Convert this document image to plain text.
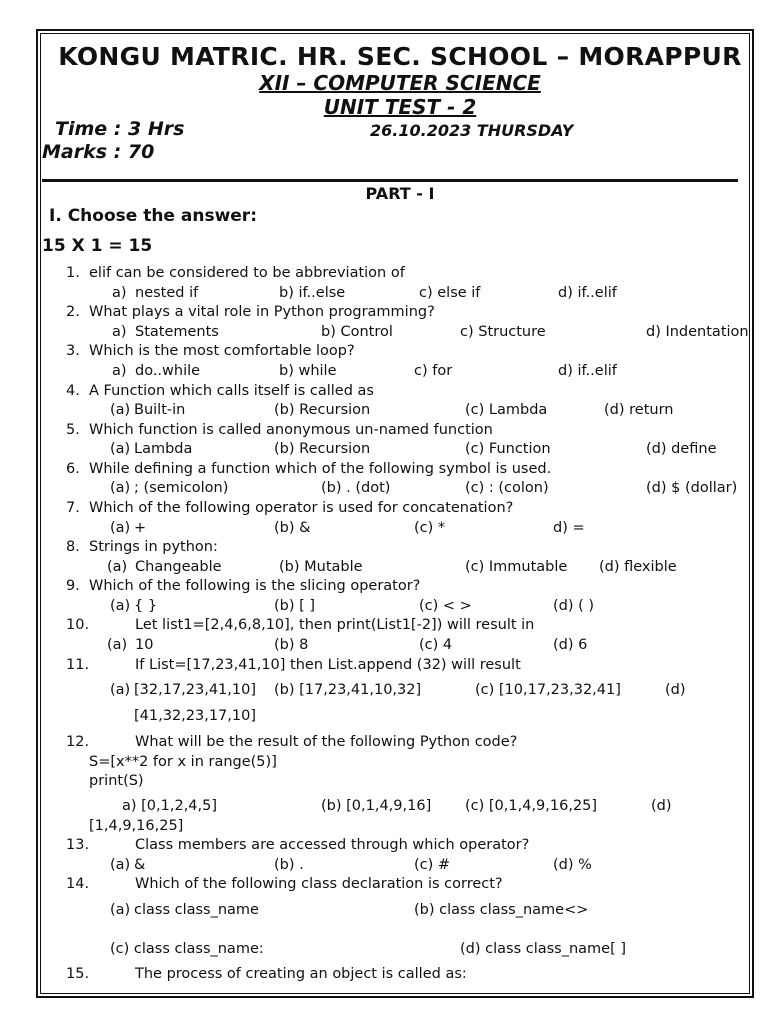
KONGU MATRIC. HR. SEC. SCHOOL – MORAPPUR
XII – COMPUTER SCIENCE
UNIT TEST - 2
Time : 3 Hrs	26.10.2023 THURSDAY
Marks : 70
PART - I
I. Choose the answer:
15 X 1 = 15
1. elif can be considered to be abbreviation of
a) nested if	b) if..else	c) else if	d) if..elif
2. What plays a vital role in Python programming?
a) Statements	b) Control	c) Structure	d) Indentation
3. Which is the most comfortable loop?
a) do..while	b) while	c) for	d) if..elif
4. A Function which calls itself is called as
(a) Built-in	(b) Recursion	(c) Lambda	(d) return
5. Which function is called anonymous un-named function
(a) Lambda	(b) Recursion	(c) Function	(d) define
6. While defining a function which of the following symbol is used.
(a) ; (semicolon)	(b) . (dot)	(c) : (colon)	(d) $ (dollar)
7. Which of the following operator is used for concatenation?
(a) +	(b) &	(c) *	d) =
8. Strings in python:
(a) Changeable	(b) Mutable	(c) Immutable (d) flexible
9. Which of the following is the slicing operator?
(a) { }	(b) [ ]	(c) < >	(d) ( )
10.	Let list1=[2,4,6,8,10], then print(List1[-2]) will result in
(a) 10	(b) 8	(c) 4	(d) 6
11.	If List=[17,23,41,10] then List.append (32) will result
(a) [32,17,23,41,10] (b) [17,23,41,10,32]	(c) [10,17,23,32,41]	(d)
[41,32,23,17,10]
12.	What will be the result of the following Python code?
S=[x**2 for x in range(5)]
print(S)
a) [0,1,2,4,5]	(b) [0,1,4,9,16] (c) [0,1,4,9,16,25]	(d)
[1,4,9,16,25]
13.	Class members are accessed through which operator?
(a) &	(b) .	(c) #	(d) %
14.	Which of the following class declaration is correct?
(a) class class_name	(b) class class_name<>
(c) class class_name:	(d) class class_name[ ]
15.	The process of creating an object is called as:
